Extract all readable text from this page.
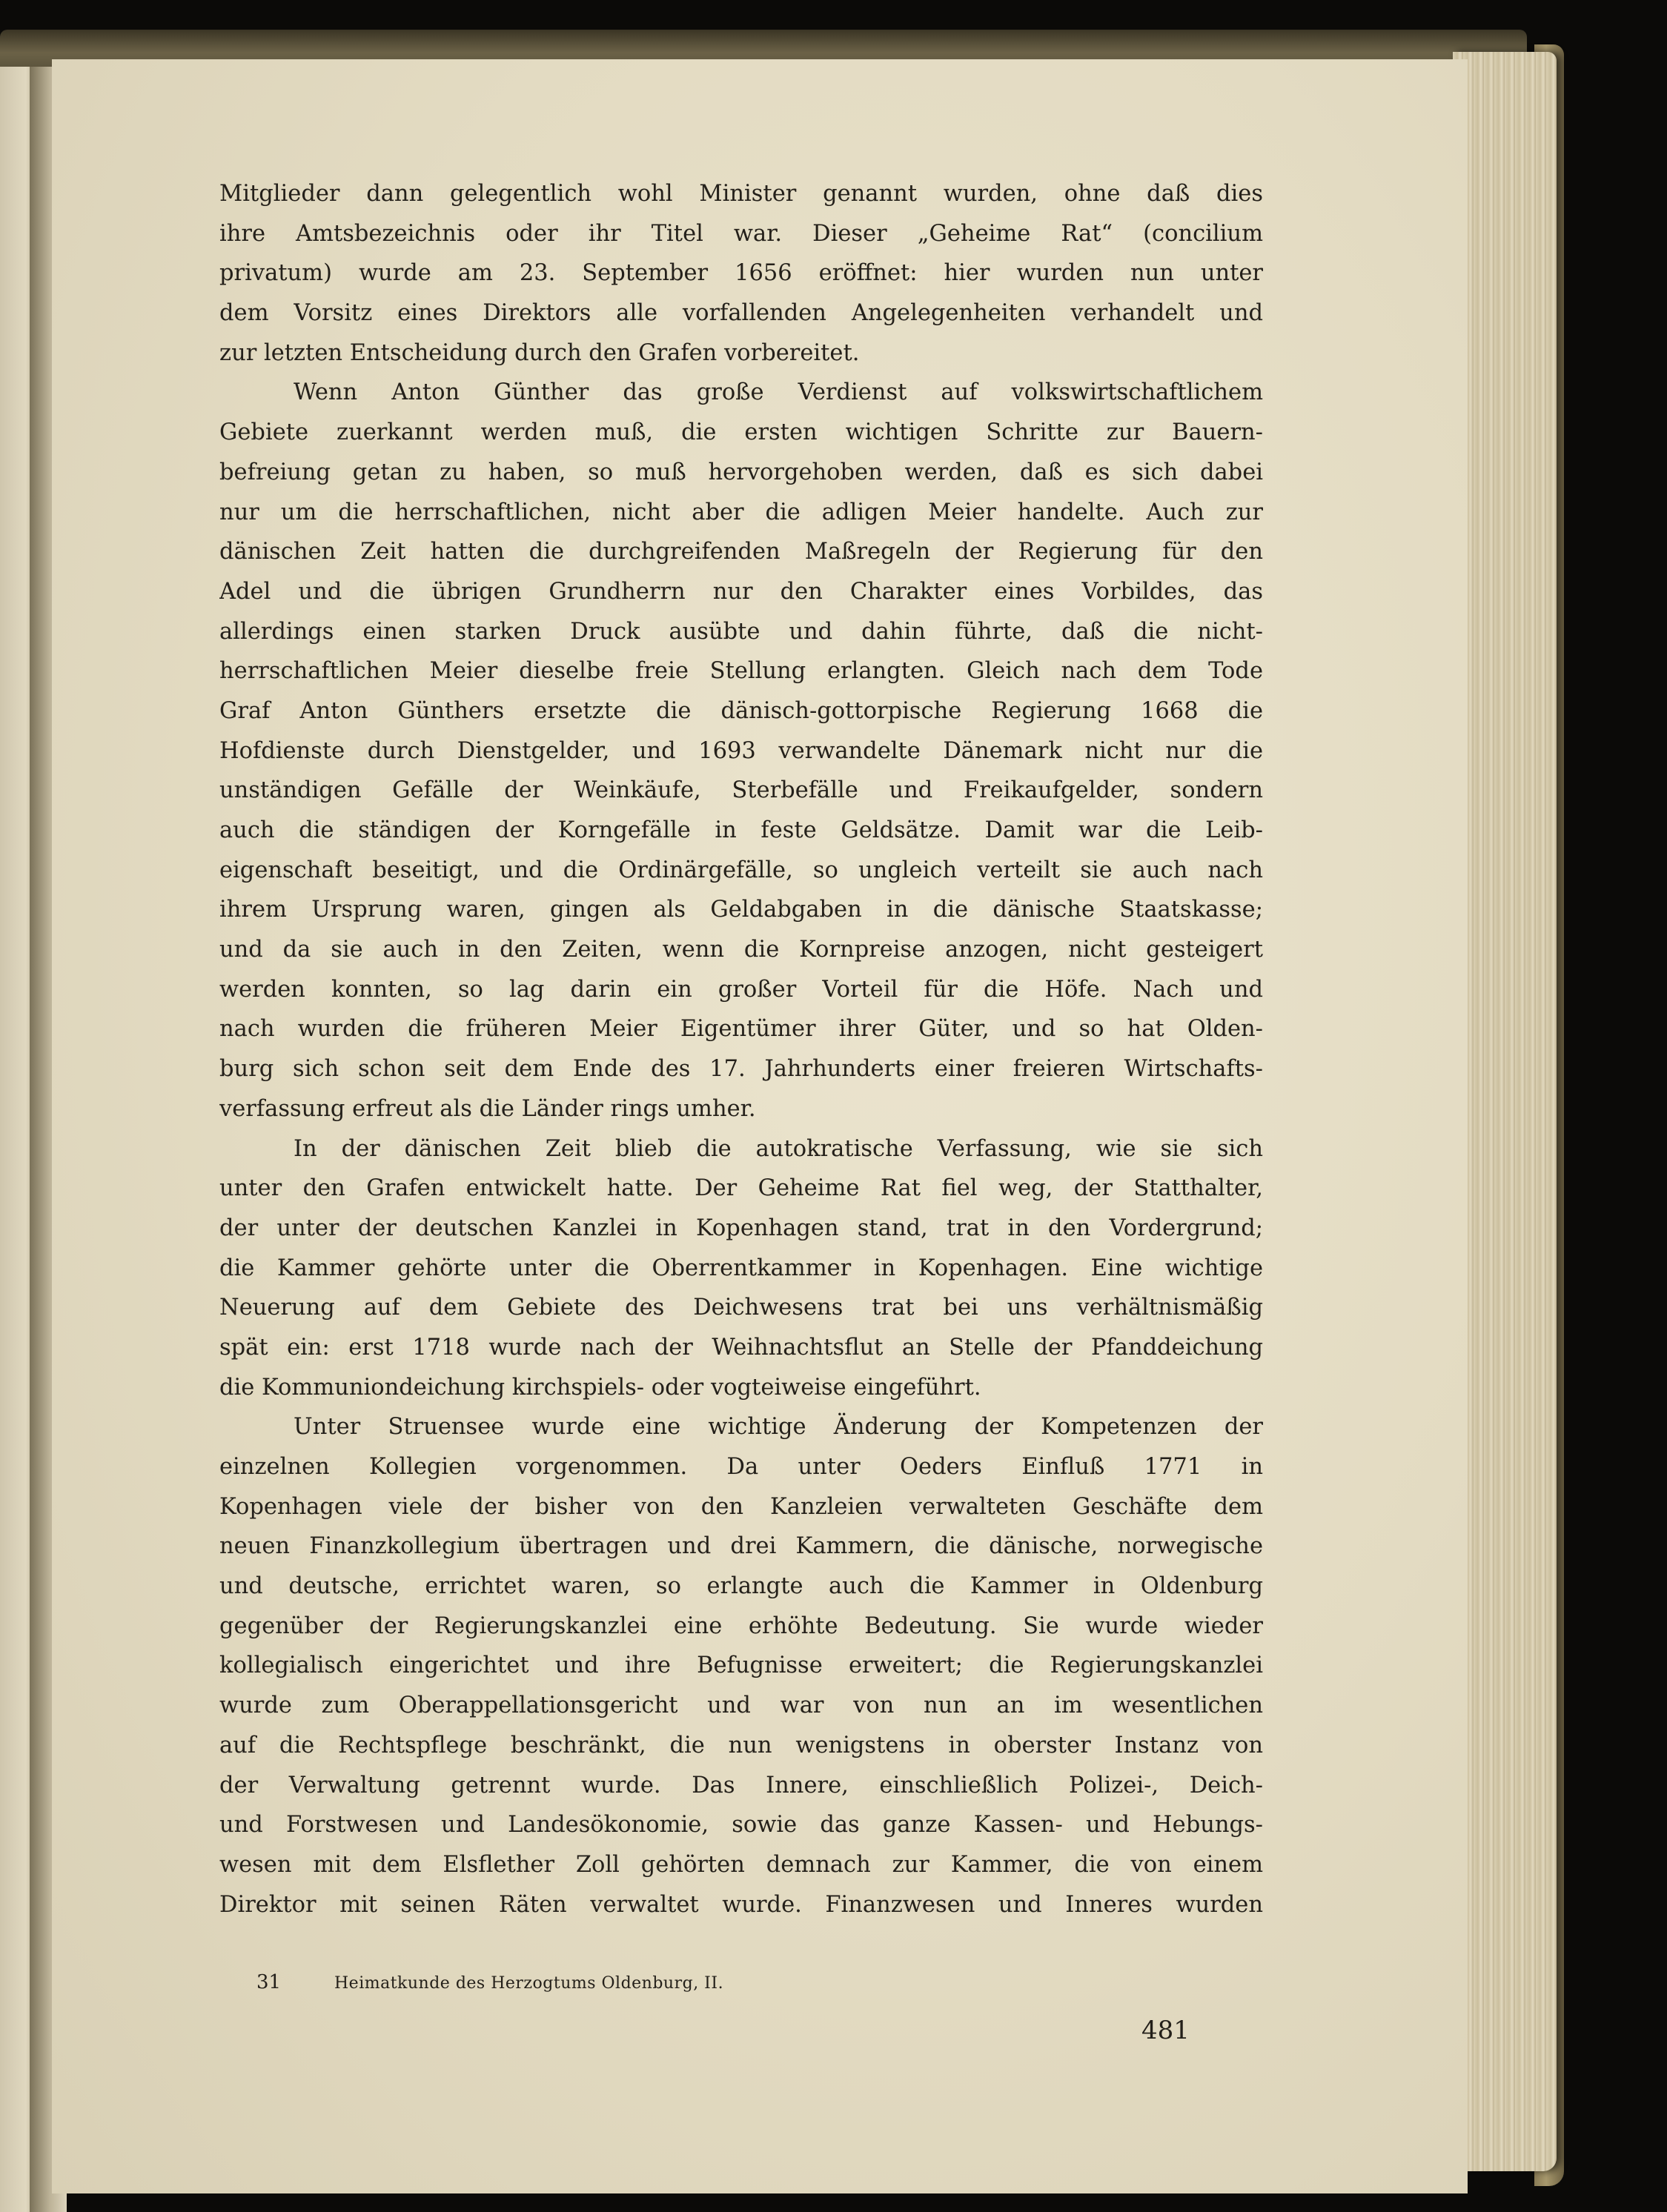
Mitglieder dann gelegentlich wohl Minister genannt wurden, ohne daß dies
ihre Amtsbezeichnis oder ihr Titel war. Dieser „Geheime Rat“ (concilium
privatum) wurde am 23. September 1656 eröffnet: hier wurden nun unter
dem Vorsitz eines Direktors alle vorfallenden Angelegenheiten verhandelt und
zur letzten Entscheidung durch den Grafen vorbereitet.
Wenn Anton Günther das große Verdienst auf volkswirtschaftlichem
Gebiete zuerkannt werden muß, die ersten wichtigen Schritte zur Bauern-
befreiung getan zu haben, so muß hervorgehoben werden, daß es sich dabei
nur um die herrschaftlichen, nicht aber die adligen Meier handelte. Auch zur
dänischen Zeit hatten die durchgreifenden Maßregeln der Regierung für den
Adel und die übrigen Grundherrn nur den Charakter eines Vorbildes, das
allerdings einen starken Druck ausübte und dahin führte, daß die nicht-
herrschaftlichen Meier dieselbe freie Stellung erlangten. Gleich nach dem Tode
Graf Anton Günthers ersetzte die dänisch-gottorpische Regierung 1668 die
Hofdienste durch Dienstgelder, und 1693 verwandelte Dänemark nicht nur die
unständigen Gefälle der Weinkäufe, Sterbefälle und Freikaufgelder, sondern
auch die ständigen der Korngefälle in feste Geldsätze. Damit war die Leib-
eigenschaft beseitigt, und die Ordinärgefälle, so ungleich verteilt sie auch nach
ihrem Ursprung waren, gingen als Geldabgaben in die dänische Staatskasse;
und da sie auch in den Zeiten, wenn die Kornpreise anzogen, nicht gesteigert
werden konnten, so lag darin ein großer Vorteil für die Höfe. Nach und
nach wurden die früheren Meier Eigentümer ihrer Güter, und so hat Olden-
burg sich schon seit dem Ende des 17. Jahrhunderts einer freieren Wirtschafts-
verfassung erfreut als die Länder rings umher.
In der dänischen Zeit blieb die autokratische Verfassung, wie sie sich
unter den Grafen entwickelt hatte. Der Geheime Rat fiel weg, der Statthalter,
der unter der deutschen Kanzlei in Kopenhagen stand, trat in den Vordergrund;
die Kammer gehörte unter die Oberrentkammer in Kopenhagen. Eine wichtige
Neuerung auf dem Gebiete des Deichwesens trat bei uns verhältnismäßig
spät ein: erst 1718 wurde nach der Weihnachtsflut an Stelle der Pfanddeichung
die Kommuniondeichung kirchspiels- oder vogteiweise eingeführt.
Unter Struensee wurde eine wichtige Änderung der Kompetenzen der
einzelnen Kollegien vorgenommen. Da unter Oeders Einfluß 1771 in
Kopenhagen viele der bisher von den Kanzleien verwalteten Geschäfte dem
neuen Finanzkollegium übertragen und drei Kammern, die dänische, norwegische
und deutsche, errichtet waren, so erlangte auch die Kammer in Oldenburg
gegenüber der Regierungskanzlei eine erhöhte Bedeutung. Sie wurde wieder
kollegialisch eingerichtet und ihre Befugnisse erweitert; die Regierungskanzlei
wurde zum Oberappellationsgericht und war von nun an im wesentlichen
auf die Rechtspflege beschränkt, die nun wenigstens in oberster Instanz von
der Verwaltung getrennt wurde. Das Innere, einschließlich Polizei-, Deich-
und Forstwesen und Landesökonomie, sowie das ganze Kassen- und Hebungs-
wesen mit dem Elsflether Zoll gehörten demnach zur Kammer, die von einem
Direktor mit seinen Räten verwaltet wurde. Finanzwesen und Inneres wurden

31	Heimatkunde des Herzogtums Oldenburg, II.
481
